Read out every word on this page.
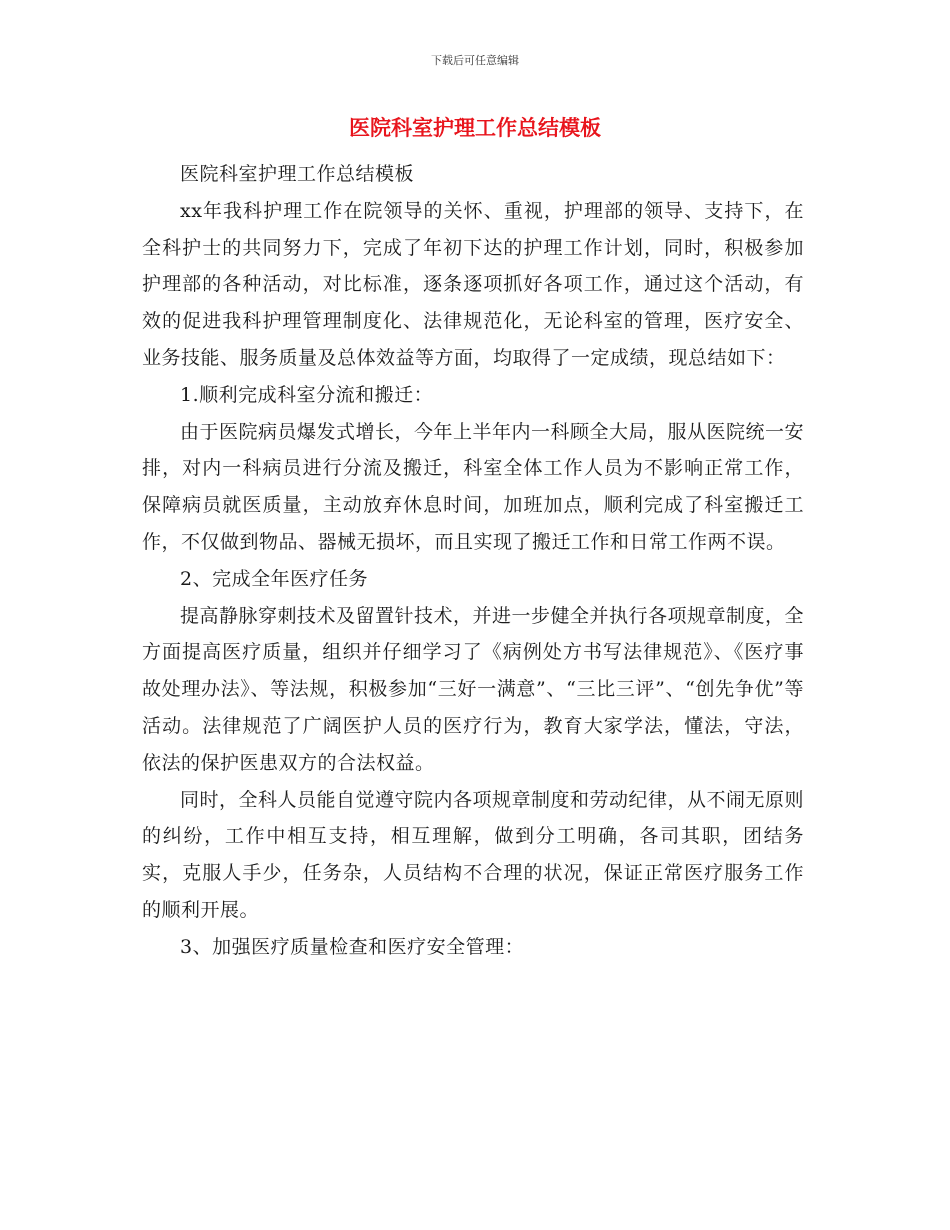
下载后可任意编辑
医院科室护理工作总结模板

医院科室护理工作总结模板

xx年我科护理工作在院领导的关怀、重视，护理部的领导、支持下，在全科护士的共同努力下，完成了年初下达的护理工作计划，同时，积极参加护理部的各种活动，对比标准，逐条逐项抓好各项工作，通过这个活动，有效的促进我科护理管理制度化、法律规范化，无论科室的管理，医疗安全、业务技能、服务质量及总体效益等方面，均取得了一定成绩，现总结如下：

1.顺利完成科室分流和搬迁：

由于医院病员爆发式增长，今年上半年内一科顾全大局，服从医院统一安排，对内一科病员进行分流及搬迁，科室全体工作人员为不影响正常工作，保障病员就医质量，主动放弃休息时间，加班加点，顺利完成了科室搬迁工作，不仅做到物品、器械无损坏，而且实现了搬迁工作和日常工作两不误。

2、完成全年医疗任务

提高静脉穿刺技术及留置针技术，并进一步健全并执行各项规章制度，全方面提高医疗质量，组织并仔细学习了《病例处方书写法律规范》、《医疗事故处理办法》、等法规，积极参加“三好一满意”、“三比三评”、“创先争优”等活动。法律规范了广阔医护人员的医疗行为，教育大家学法，懂法，守法，依法的保护医患双方的合法权益。

同时，全科人员能自觉遵守院内各项规章制度和劳动纪律，从不闹无原则的纠纷，工作中相互支持，相互理解，做到分工明确，各司其职，团结务实，克服人手少，任务杂，人员结构不合理的状况，保证正常医疗服务工作的顺利开展。

3、加强医疗质量检查和医疗安全管理：
